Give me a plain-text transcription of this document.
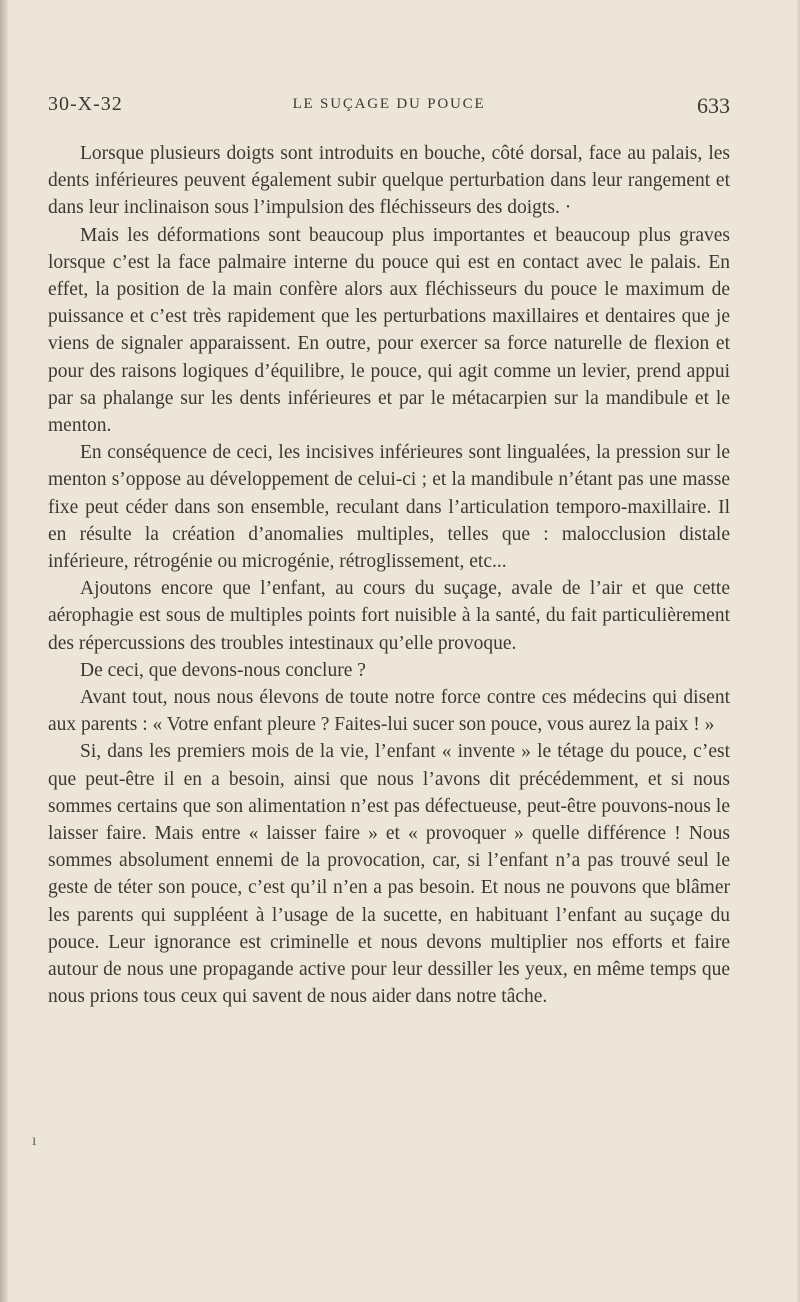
30-X-32	LE SUÇAGE DU POUCE	633

Lorsque plusieurs doigts sont introduits en bouche, côté dorsal, face au palais, les dents inférieures peuvent également subir quelque perturbation dans leur rangement et dans leur inclinaison sous l’impulsion des fléchisseurs des doigts. ·

Mais les déformations sont beaucoup plus importantes et beaucoup plus graves lorsque c’est la face palmaire interne du pouce qui est en contact avec le palais. En effet, la position de la main confère alors aux fléchisseurs du pouce le maximum de puissance et c’est très rapidement que les perturbations maxillaires et dentaires que je viens de signaler apparaissent. En outre, pour exercer sa force naturelle de flexion et pour des raisons logiques d’équilibre, le pouce, qui agit comme un levier, prend appui par sa phalange sur les dents inférieures et par le métacarpien sur la mandibule et le menton.

En conséquence de ceci, les incisives inférieures sont lingualées, la pression sur le menton s’oppose au développement de celui-ci ; et la mandibule n’étant pas une masse fixe peut céder dans son ensemble, reculant dans l’articulation temporo-maxillaire. Il en résulte la création d’anomalies multiples, telles que : malocclusion distale inférieure, rétrogénie ou microgénie, rétroglissement, etc...

Ajoutons encore que l’enfant, au cours du suçage, avale de l’air et que cette aérophagie est sous de multiples points fort nuisible à la santé, du fait particulièrement des répercussions des troubles intestinaux qu’elle provoque.

De ceci, que devons-nous conclure ?

Avant tout, nous nous élevons de toute notre force contre ces médecins qui disent aux parents : « Votre enfant pleure ? Faites-lui sucer son pouce, vous aurez la paix ! »

Si, dans les premiers mois de la vie, l’enfant « invente » le tétage du pouce, c’est que peut-être il en a besoin, ainsi que nous l’avons dit précédemment, et si nous sommes certains que son alimentation n’est pas défectueuse, peut-être pouvons-nous le laisser faire. Mais entre « laisser faire » et « provoquer » quelle différence ! Nous sommes absolument ennemi de la provocation, car, si l’enfant n’a pas trouvé seul le geste de téter son pouce, c’est qu’il n’en a pas besoin. Et nous ne pouvons que blâmer les parents qui suppléent à l’usage de la sucette, en habituant l’enfant au suçage du pouce. Leur ignorance est criminelle et nous devons multiplier nos efforts et faire autour de nous une propagande active pour leur dessiller les yeux, en même temps que nous prions tous ceux qui savent de nous aider dans notre tâche.

ı
